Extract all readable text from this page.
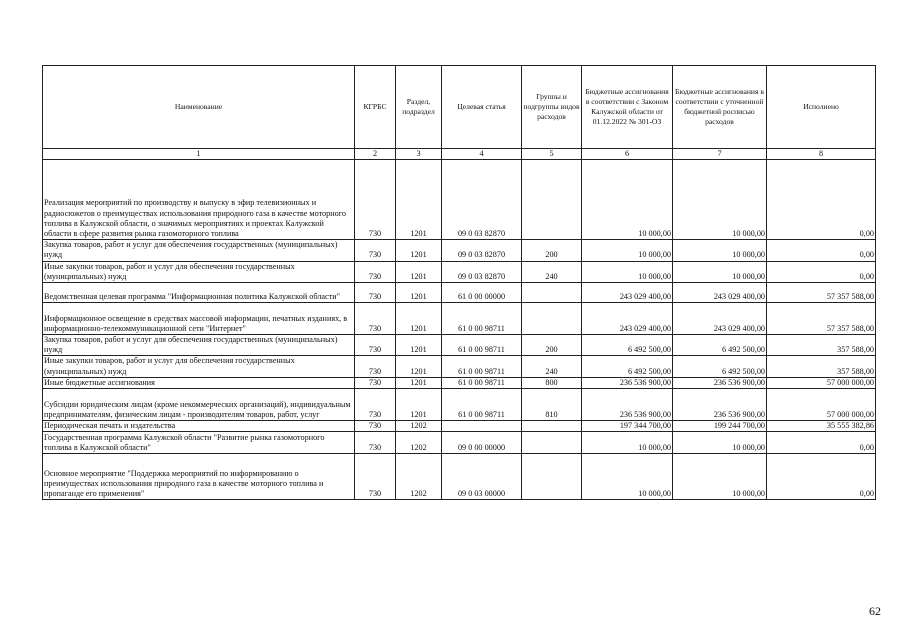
Наименование	КГРБС	Раздел, подраздел	Целевая статья	Группы и подгруппы видов расходов	Бюджетные ассигнования в соответствии с Законом Калужской области от 01.12.2022 № 301-ОЗ	Бюджетные ассигнования в соответствии с уточненной бюджетной росписью расходов	Исполнено
1	2	3	4	5	6	7	8
Реализация мероприятий по производству и выпуску в эфир телевизионных и радиосюжетов о преимуществах использования природного газа в качестве моторного топлива в Калужской области, о значимых мероприятиях и проектах Калужской области в сфере развития рынка газомоторного топлива	730	1201	09 0 03 82870		10 000,00	10 000,00	0,00
Закупка товаров, работ и услуг для обеспечения государственных (муниципальных) нужд	730	1201	09 0 03 82870	200	10 000,00	10 000,00	0,00
Иные закупки товаров, работ и услуг для обеспечения государственных (муниципальных) нужд	730	1201	09 0 03 82870	240	10 000,00	10 000,00	0,00
Ведомственная целевая программа "Информационная политика Калужской области"	730	1201	61 0 00 00000		243 029 400,00	243 029 400,00	57 357 588,00
Информационное освещение в средствах массовой информации, печатных изданиях, в информационно-телекоммуникационной сети "Интернет"	730	1201	61 0 00 98711		243 029 400,00	243 029 400,00	57 357 588,00
Закупка товаров, работ и услуг для обеспечения государственных (муниципальных) нужд	730	1201	61 0 00 98711	200	6 492 500,00	6 492 500,00	357 588,00
Иные закупки товаров, работ и услуг для обеспечения государственных (муниципальных) нужд	730	1201	61 0 00 98711	240	6 492 500,00	6 492 500,00	357 588,00
Иные бюджетные ассигнования	730	1201	61 0 00 98711	800	236 536 900,00	236 536 900,00	57 000 000,00
Субсидии юридическим лицам (кроме некоммерческих организаций), индивидуальным предпринимателям, физическим лицам - производителям товаров, работ, услуг	730	1201	61 0 00 98711	810	236 536 900,00	236 536 900,00	57 000 000,00
Периодическая печать и издательства	730	1202			197 344 700,00	199 244 700,00	35 555 382,86
Государственная программа Калужской области "Развитие рынка газомоторного топлива в Калужской области"	730	1202	09 0 00 00000		10 000,00	10 000,00	0,00
Основное мероприятие "Поддержка мероприятий по информированию о преимуществах использования природного газа в качестве моторного топлива и пропаганде его применения"	730	1202	09 0 03 00000		10 000,00	10 000,00	0,00
62
